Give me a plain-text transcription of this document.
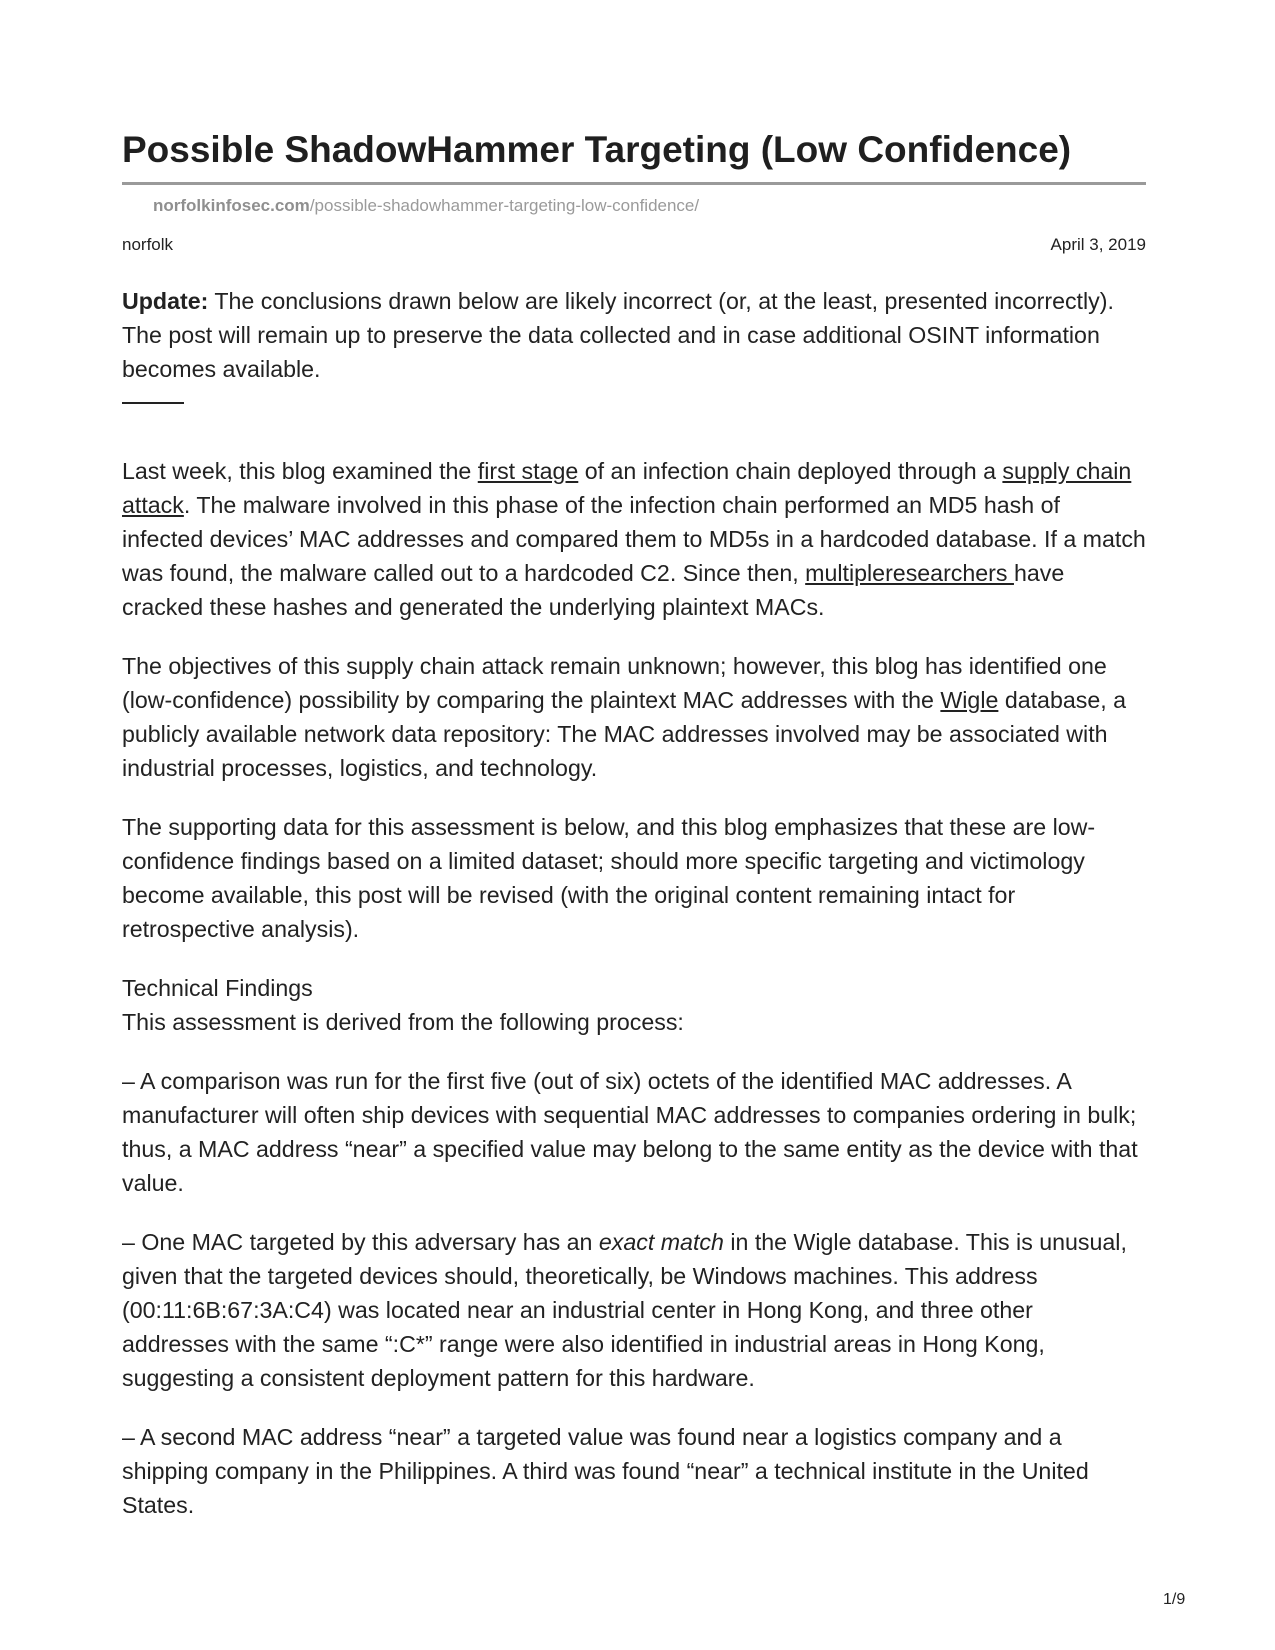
Possible ShadowHammer Targeting (Low Confidence)
norfolkinfosec.com/possible-shadowhammer-targeting-low-confidence/
norfolk	April 3, 2019

Update: The conclusions drawn below are likely incorrect (or, at the least, presented incorrectly). The post will remain up to preserve the data collected and in case additional OSINT information becomes available.

Last week, this blog examined the first stage of an infection chain deployed through a supply chain attack. The malware involved in this phase of the infection chain performed an MD5 hash of infected devices’ MAC addresses and compared them to MD5s in a hardcoded database. If a match was found, the malware called out to a hardcoded C2. Since then, multipleresearchers have cracked these hashes and generated the underlying plaintext MACs.

The objectives of this supply chain attack remain unknown; however, this blog has identified one (low-confidence) possibility by comparing the plaintext MAC addresses with the Wigle database, a publicly available network data repository: The MAC addresses involved may be associated with industrial processes, logistics, and technology.

The supporting data for this assessment is below, and this blog emphasizes that these are low-confidence findings based on a limited dataset; should more specific targeting and victimology become available, this post will be revised (with the original content remaining intact for retrospective analysis).

Technical Findings
This assessment is derived from the following process:

– A comparison was run for the first five (out of six) octets of the identified MAC addresses. A manufacturer will often ship devices with sequential MAC addresses to companies ordering in bulk; thus, a MAC address “near” a specified value may belong to the same entity as the device with that value.

– One MAC targeted by this adversary has an exact match in the Wigle database. This is unusual, given that the targeted devices should, theoretically, be Windows machines. This address (00:11:6B:67:3A:C4) was located near an industrial center in Hong Kong, and three other addresses with the same “:C*” range were also identified in industrial areas in Hong Kong, suggesting a consistent deployment pattern for this hardware.

– A second MAC address “near” a targeted value was found near a logistics company and a shipping company in the Philippines. A third was found “near” a technical institute in the United States.

1/9
